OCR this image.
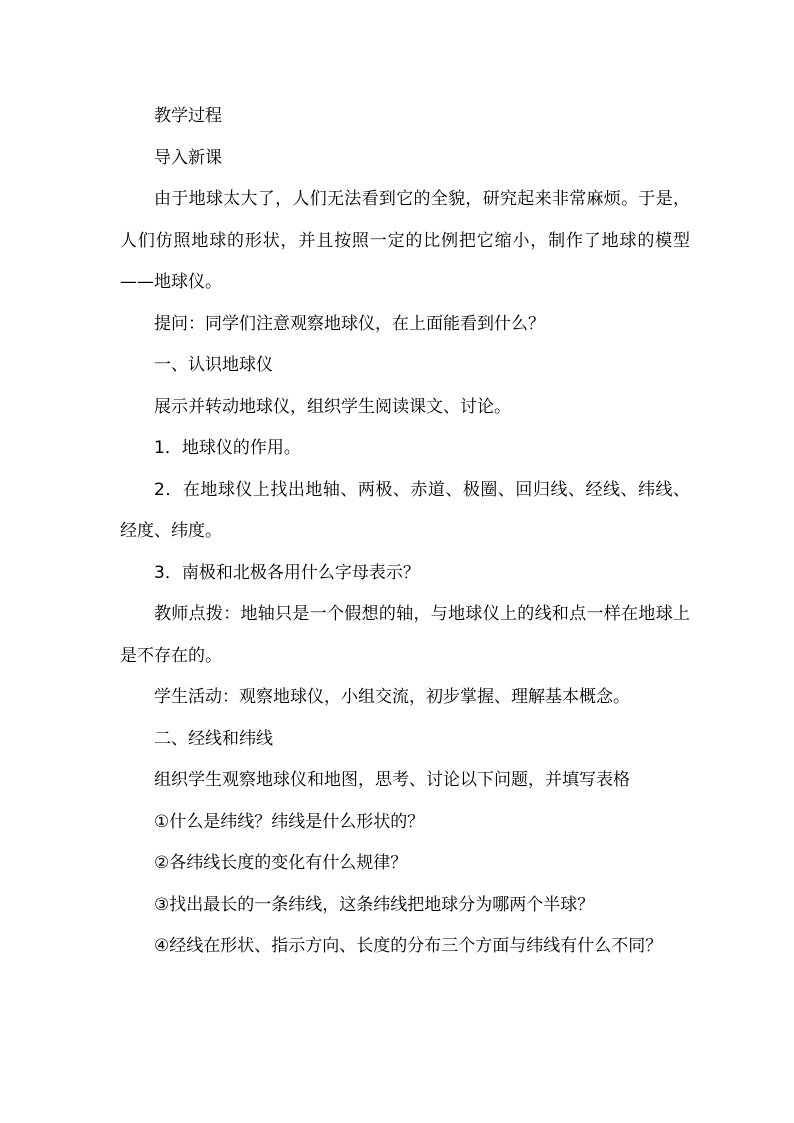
教学过程

导入新课

由于地球太大了，人们无法看到它的全貌，研究起来非常麻烦。于是，人们仿照地球的形状，并且按照一定的比例把它缩小，制作了地球的模型——地球仪。

提问：同学们注意观察地球仪，在上面能看到什么？

一、认识地球仪

展示并转动地球仪，组织学生阅读课文、讨论。

1．地球仪的作用。

2．在地球仪上找出地轴、两极、赤道、极圈、回归线、经线、纬线、经度、纬度。

3．南极和北极各用什么字母表示？

教师点拨：地轴只是一个假想的轴，与地球仪上的线和点一样在地球上是不存在的。

学生活动：观察地球仪，小组交流，初步掌握、理解基本概念。

二、经线和纬线

组织学生观察地球仪和地图，思考、讨论以下问题，并填写表格

①什么是纬线？纬线是什么形状的？

②各纬线长度的变化有什么规律？

③找出最长的一条纬线，这条纬线把地球分为哪两个半球？

④经线在形状、指示方向、长度的分布三个方面与纬线有什么不同？
